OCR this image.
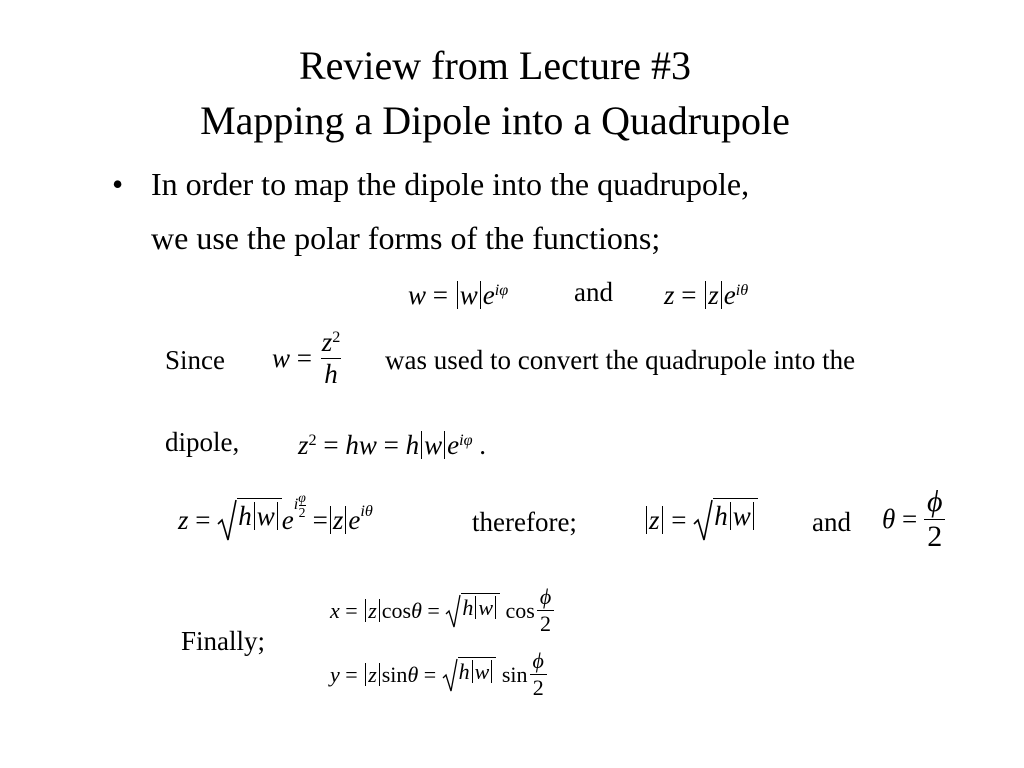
Review from Lecture #3
Mapping a Dipole into a Quadrupole
• In order to map the dipole into the quadrupole,
we use the polar forms of the functions;
w = w $e^{i\varphi}$ and z = z $e^{i\theta}$
Since $w = \frac{z^2}{h}$ was used to convert the quadrupole into the
dipole, $z^2$ = hw = h w $e^{i\varphi}$ .
z = h w e
i $\frac{\varphi}{2} = z$ e iθ	therefore;	z = h w and $\theta = \frac{\phi}{2}$
Finally;
x = z cos θ = h w $\cos \frac{\phi}{2}$
y = z sin θ = h w $\sin \frac{\phi}{2}$
